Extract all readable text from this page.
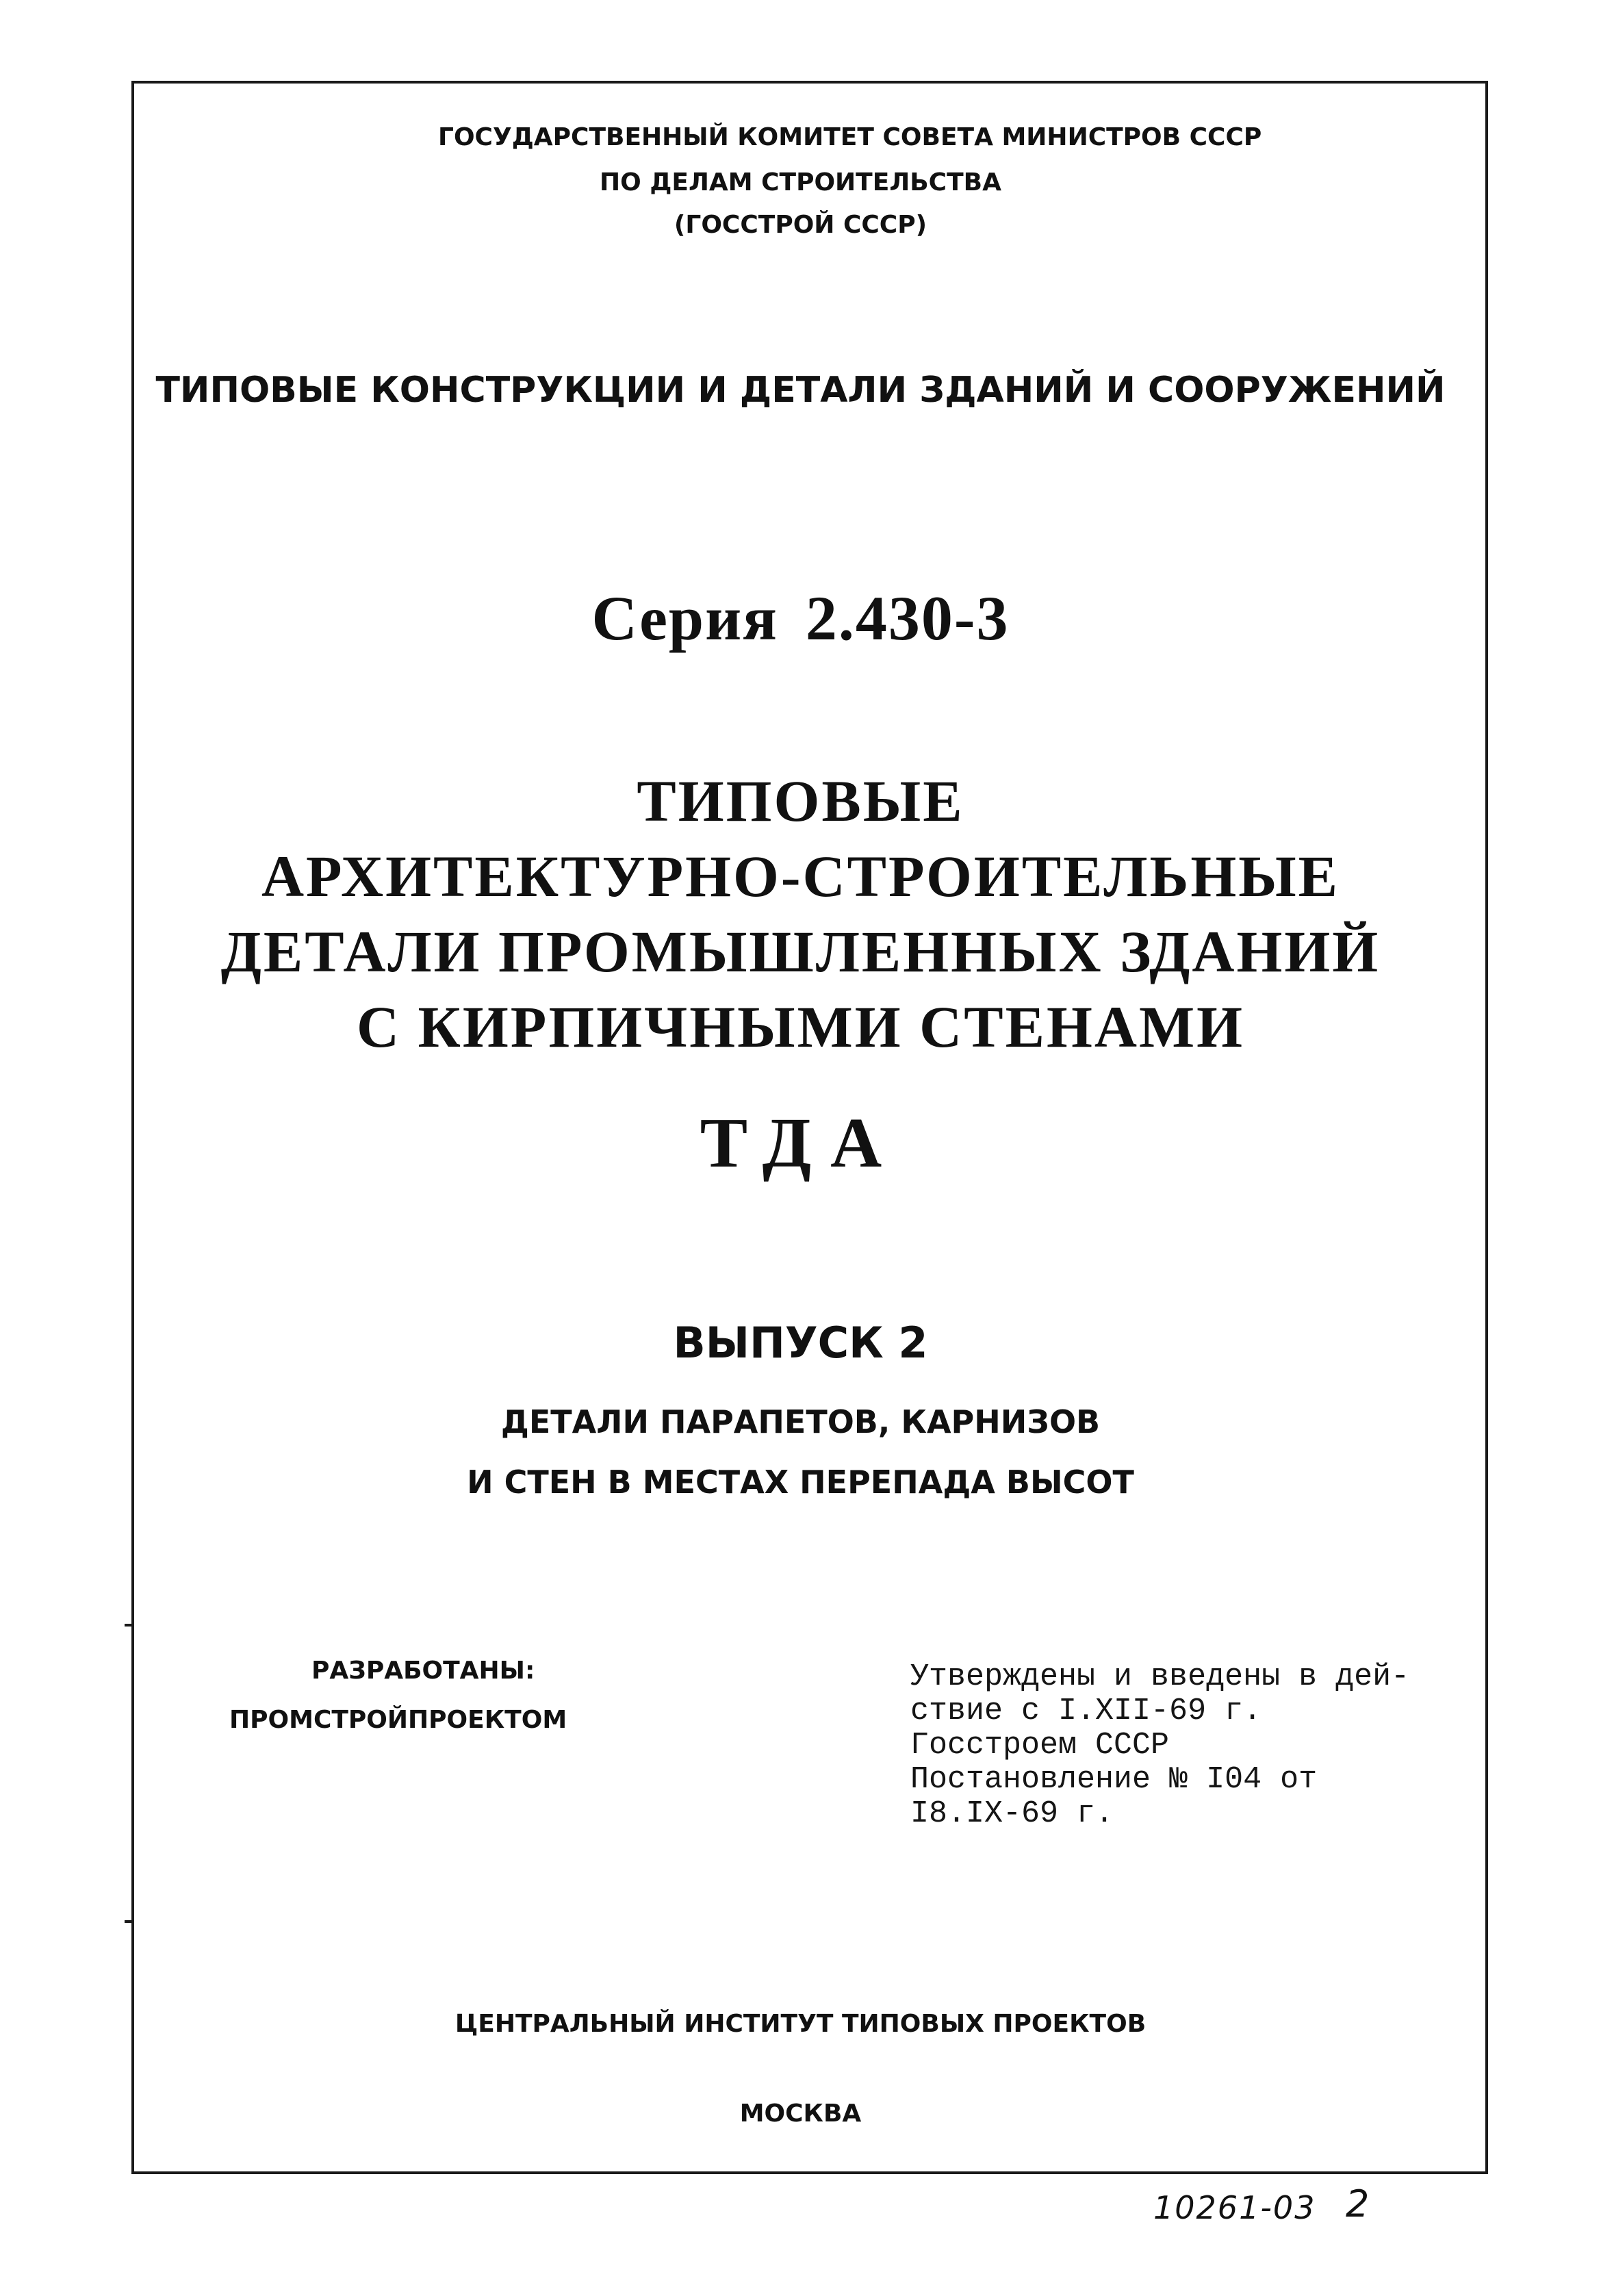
ГОСУДАРСТВЕННЫЙ КОМИТЕТ СОВЕТА МИНИСТРОВ СССР
ПО ДЕЛАМ СТРОИТЕЛЬСТВА
(ГОССТРОЙ СССР)
ТИПОВЫЕ КОНСТРУКЦИИ И ДЕТАЛИ ЗДАНИЙ И СООРУЖЕНИЙ
Серия 2.430-3
ТИПОВЫЕ
АРХИТЕКТУРНО-СТРОИТЕЛЬНЫЕ
ДЕТАЛИ ПРОМЫШЛЕННЫХ ЗДАНИЙ
С КИРПИЧНЫМИ СТЕНАМИ
ТДА
ВЫПУСК 2
ДЕТАЛИ ПАРАПЕТОВ, КАРНИЗОВ
И СТЕН В МЕСТАХ ПЕРЕПАДА ВЫСОТ
РАЗРАБОТАНЫ:
ПРОМСТРОЙПРОЕКТОМ
Утверждены и введены в дей-
ствие с I.XII-69 г.
Госстроем СССР
Постановление № I04 от
I8.IX-69 г.
ЦЕНТРАЛЬНЫЙ ИНСТИТУТ ТИПОВЫХ ПРОЕКТОВ
МОСКВА
10261-03 2
